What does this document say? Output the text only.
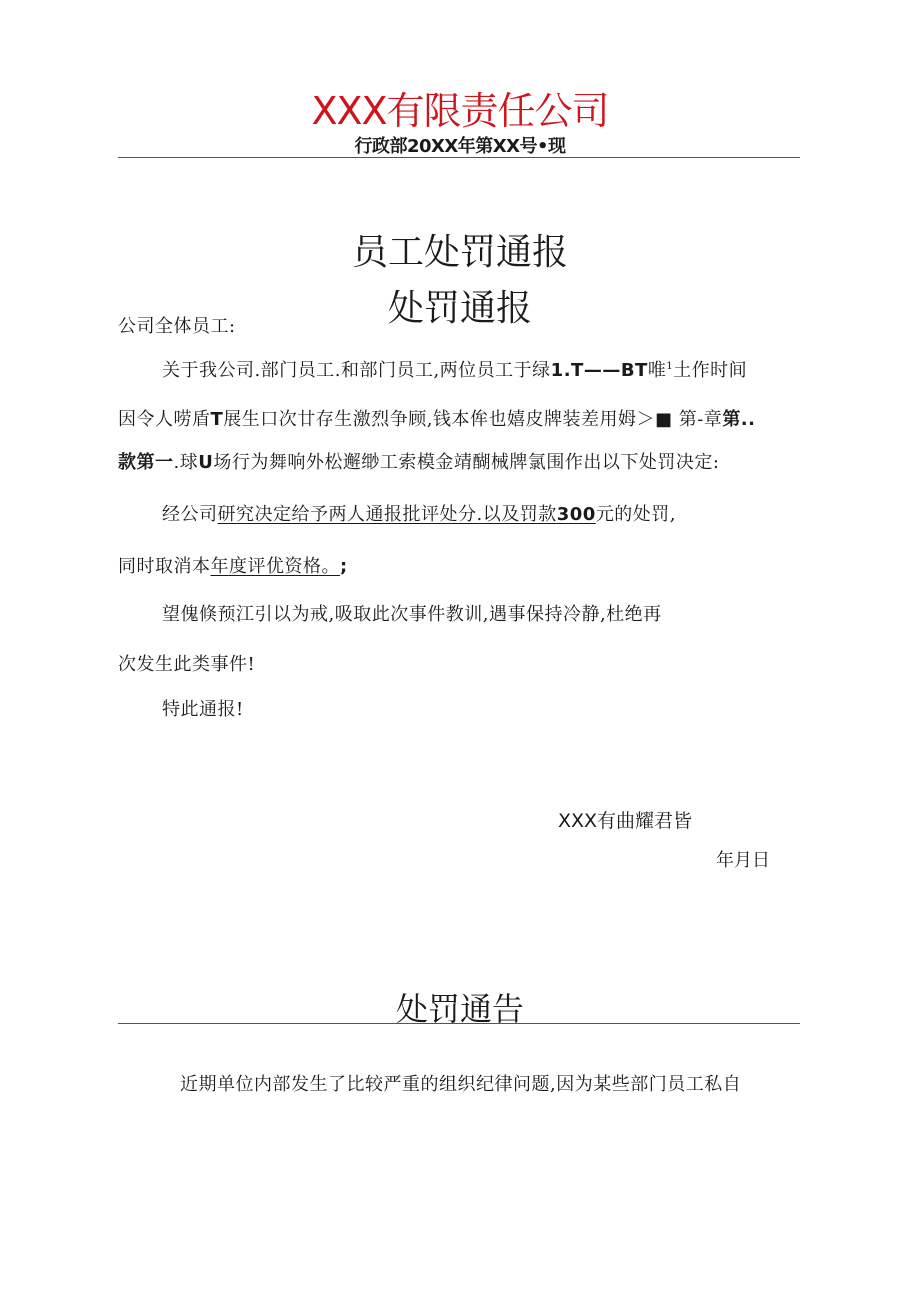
XXX有限责任公司
行政部20XX年第XX号•现
员工处罚通报
处罚通报
公司全体员工:
关于我公司.部门员工.和部门员工,两位员工于绿1.T——BT唯$^1$土作时间
因令人唠盾T展生口次廿存生激烈争顾,钱本侔也嬉皮牌装差用姆＞■ 第-章第..
款第一.球U场行为舞响外松邂缈工索模金靖醐械牌氯围作出以下处罚决定:
经公司研究决定给予两人通报批评处分.以及罚款300元的处罚,
同时取消本年度评优资格。;
望傀倏预江引以为戒,吸取此次事件教训,遇事保持冷静,杜绝再
次发生此类事件!
特此通报!
XXX有曲耀君皆
年月日
处罚通告
近期单位内部发生了比较严重的组织纪律问题,因为某些部门员工私自
